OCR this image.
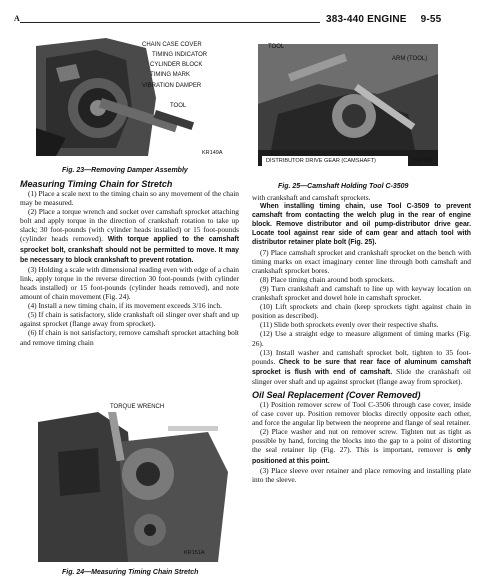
A	383-440 ENGINE 9-55
CHAIN CASE COVER
TIMING INDICATOR
CYLINDER BLOCK
TIMING MARK
VIBRATION DAMPER
TOOL
KR149A
Fig. 23—Removing Damper Assembly
TOOL
ARM (TOOL)
DISTRIBUTOR DRIVE GEAR (CAMSHAFT)	KR 162
Fig. 25—Camshaft Holding Tool C-3509
Measuring Timing Chain for Stretch

(1) Place a scale next to the timing chain so any movement of the chain may be measured.

(2) Place a torque wrench and socket over camshaft sprocket attaching bolt and apply torque in the direction of crankshaft rotation to take up slack; 30 foot-pounds (with cylinder heads installed) or 15 foot-pounds (cylinder heads removed). With torque applied to the camshaft sprocket bolt, crankshaft should not be permitted to move. It may be necessary to block crankshaft to prevent rotation.

(3) Holding a scale with dimensional reading even with edge of a chain link, apply torque in the reverse direction 30 foot-pounds (with cylinder heads installed) or 15 foot-pounds (cylinder heads removed), and note amount of chain movement (Fig. 24).

(4) Install a new timing chain, if its movement exceeds 3/16 inch.

(5) If chain is satisfactory, slide crankshaft oil slinger over shaft and up against sprocket (flange away from sprocket).

(6) If chain is not satisfactory, remove camshaft sprocket attaching bolt and remove timing chain

TORQUE WRENCH
KR151A
Fig. 24—Measuring Timing Chain Stretch

with crankshaft and camshaft sprockets.

When installing timing chain, use Tool C-3509 to prevent camshaft from contacting the welch plug in the rear of engine block. Remove distributor and oil pump-distributor drive gear. Locate tool against rear side of cam gear and attach tool with distributor retainer plate bolt (Fig. 25).

(7) Place camshaft sprocket and crankshaft sprocket on the bench with timing marks on exact imaginary center line through both camshaft and crankshaft sprocket bores.

(8) Place timing chain around both sprockets.

(9) Turn crankshaft and camshaft to line up with keyway location on crankshaft sprocket and dowel hole in camshaft sprocket.

(10) Lift sprockets and chain (keep sprockets tight against chain in position as described).

(11) Slide both sprockets evenly over their respective shafts.

(12) Use a straight edge to measure alignment of timing marks (Fig. 26).

(13) Install washer and camshaft sprocket bolt, tighten to 35 foot-pounds. Check to be sure that rear face of aluminum camshaft sprocket is flush with end of camshaft. Slide the crankshaft oil slinger over shaft and up against sprocket (flange away from sprocket).

Oil Seal Replacement (Cover Removed)

(1) Position remover screw of Tool C-3506 through case cover, inside of case cover up. Position remover blocks directly opposite each other, and force the angular lip between the neoprene and flange of seal retainer.

(2) Place washer and nut on remover screw. Tighten nut as tight as possible by hand, forcing the blocks into the gap to a point of distorting the seal retainer lip (Fig. 27). This is important, remover is only positioned at this point.

(3) Place sleeve over retainer and place removing and installing plate into the sleeve.
